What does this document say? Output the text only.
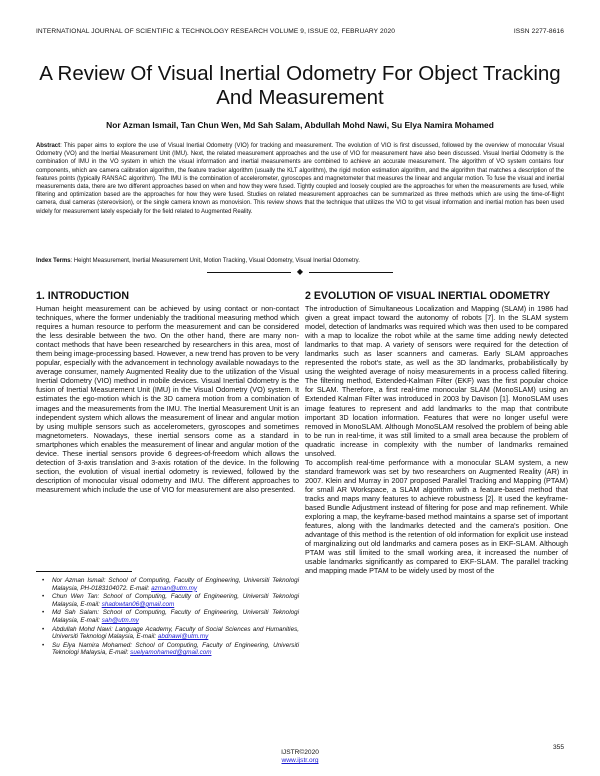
INTERNATIONAL JOURNAL OF SCIENTIFIC & TECHNOLOGY RESEARCH VOLUME 9, ISSUE 02, FEBRUARY 2020	ISSN 2277-8616
A Review Of Visual Inertial Odometry For Object Tracking And Measurement
Nor Azman Ismail, Tan Chun Wen, Md Sah Salam, Abdullah Mohd Nawi, Su Elya Namira Mohamed
Abstract: This paper aims to explore the use of Visual Inertial Odometry (VIO) for tracking and measurement. The evolution of VIO is first discussed, followed by the overview of monocular Visual Odometry (VO) and the Inertial Measurement Unit (IMU). Next, the related measurement approaches and the use of VIO for measurement have also been discussed. Visual Inertial Odometry is the combination of IMU in the VO system in which the visual information and inertial measurements are combined to achieve an accurate measurement. The algorithm of VO system contains four components, which are camera calibration algorithm, the feature tracker algorithm (usually the KLT algorithm), the rigid motion estimation algorithm, and the algorithm that matches a description of the features points (typically RANSAC algorithm). The IMU is the combination of accelerometer, gyroscopes and magnetometer that measures the linear and angular motion. To fuse the visual and inertial measurements data, there are two different approaches based on when and how they were fused. Tightly coupled and loosely coupled are the approaches for when the measurements are fused, while filtering and optimization based are the approaches for how they were fused. Studies on related measurement approaches can be summarized as three methods which are using the time-of-flight camera, dual cameras (stereovision), or the single camera known as monovision. This review shows that the technique that utilizes the VIO to get visual information and inertial motion has been used widely for measurement lately especially for the field related to Augmented Reality.
Index Terms: Height Measurement, Inertial Measurement Unit, Motion Tracking, Visual Odometry, Visual Inertial Odometry.
◆
1. INTRODUCTION

Human height measurement can be achieved by using contact or non-contact techniques, where the former undeniably the traditional measuring method which requires a human resource to perform the measurement and can be considered the less desirable between the two. On the other hand, there are many non-contact methods that have been researched by researchers in this area, most of them being image-processing based. However, a new trend has proven to be very popular, especially with the advancement in technology available nowadays to the average consumer, namely Augmented Reality due to the utilization of the Visual Inertial Odometry (VIO) method in mobile devices. Visual Inertial Odometry is the fusion of Inertial Measurement Unit (IMU) in the Visual Odometry (VO) system. It estimates the ego-motion which is the 3D camera motion from a combination of images and the measurements from the IMU. The Inertial Measurement Unit is an independent system which allows the measurement of linear and angular motion by using multiple sensors such as accelerometers, gyroscopes and sometimes magnetometers. Nowadays, these inertial sensors come as a standard in smartphones which enables the measurement of linear and angular motion of the device. These inertial sensors provide 6 degrees-of-freedom which allows the detection of 3-axis translation and 3-axis rotation of the device. In the following section, the evolution of visual inertial odometry is reviewed, followed by the description of monocular visual odometry and IMU. The different approaches to measurement which include the use of VIO for measurement are also presented.

• Nor Azman Ismail: School of Computing, Faculty of Engineering, Universiti Teknologi Malaysia, PH-0183104072. E-mail: azman@utm.my
• Chun Wen Tan: School of Computing, Faculty of Engineering, Universiti Teknologi Malaysia, E-mail: shadowtan06@gmail.com
• Md Sah Salam: School of Computing, Faculty of Engineering, Universiti Teknologi Malaysia, E-mail: sah@utm.my
• Abdullah Mohd Nawi: Language Academy, Faculty of Social Sciences and Humanities, Universiti Teknologi Malaysia, E-mail: abdnawi@utm.my
• Su Elya Namira Mohamed: School of Computing, Faculty of Engineering, Universiti Teknologi Malaysia, E-mail: suelyamohamed@gmail.com
2 EVOLUTION OF VISUAL INERTIAL ODOMETRY

The introduction of Simultaneous Localization and Mapping (SLAM) in 1986 had given a great impact toward the autonomy of robots [7]. In the SLAM system model, detection of landmarks was required which was then used to be compared with a map to localize the robot while at the same time adding newly detected landmarks to that map. A variety of sensors were required for the detection of landmarks such as laser scanners and cameras. Early SLAM approaches represented the robot's state, as well as the 3D landmarks, probabilistically by using the weighted average of noisy measurements in a process called filtering. The filtering method, Extended-Kalman Filter (EKF) was the first popular choice for SLAM. Therefore, a first real-time monocular SLAM (MonoSLAM) using an Extended Kalman Filter was introduced in 2003 by Davison [1]. MonoSLAM uses image features to represent and add landmarks to the map that contribute important 3D location information. Features that were no longer useful were removed in MonoSLAM. Although MonoSLAM resolved the problem of being able to be run in real-time, it was still limited to a small area because the problem of quadratic increase in complexity with the number of landmarks remained unsolved.

To accomplish real-time performance with a monocular SLAM system, a new standard framework was set by two researchers on Augmented Reality (AR) in 2007. Klein and Murray in 2007 proposed Parallel Tracking and Mapping (PTAM) for small AR Workspace, a SLAM algorithm with a feature-based method that tracks and maps many features to achieve robustness [2]. It used the keyframe-based Bundle Adjustment instead of filtering for pose and map refinement. While exploring a map, the keyframe-based method maintains a sparse set of important features, along with the landmarks detected and the camera's position. One advantage of this method is the retention of old information for explicit use instead of marginalizing out old landmarks and camera poses as in EKF-SLAM. Although PTAM was still limited to the small working area, it increased the number of usable landmarks significantly as compared to EKF-SLAM. The parallel tracking and mapping made PTAM to be widely used by most of the

355
IJSTR©2020
www.ijstr.org
